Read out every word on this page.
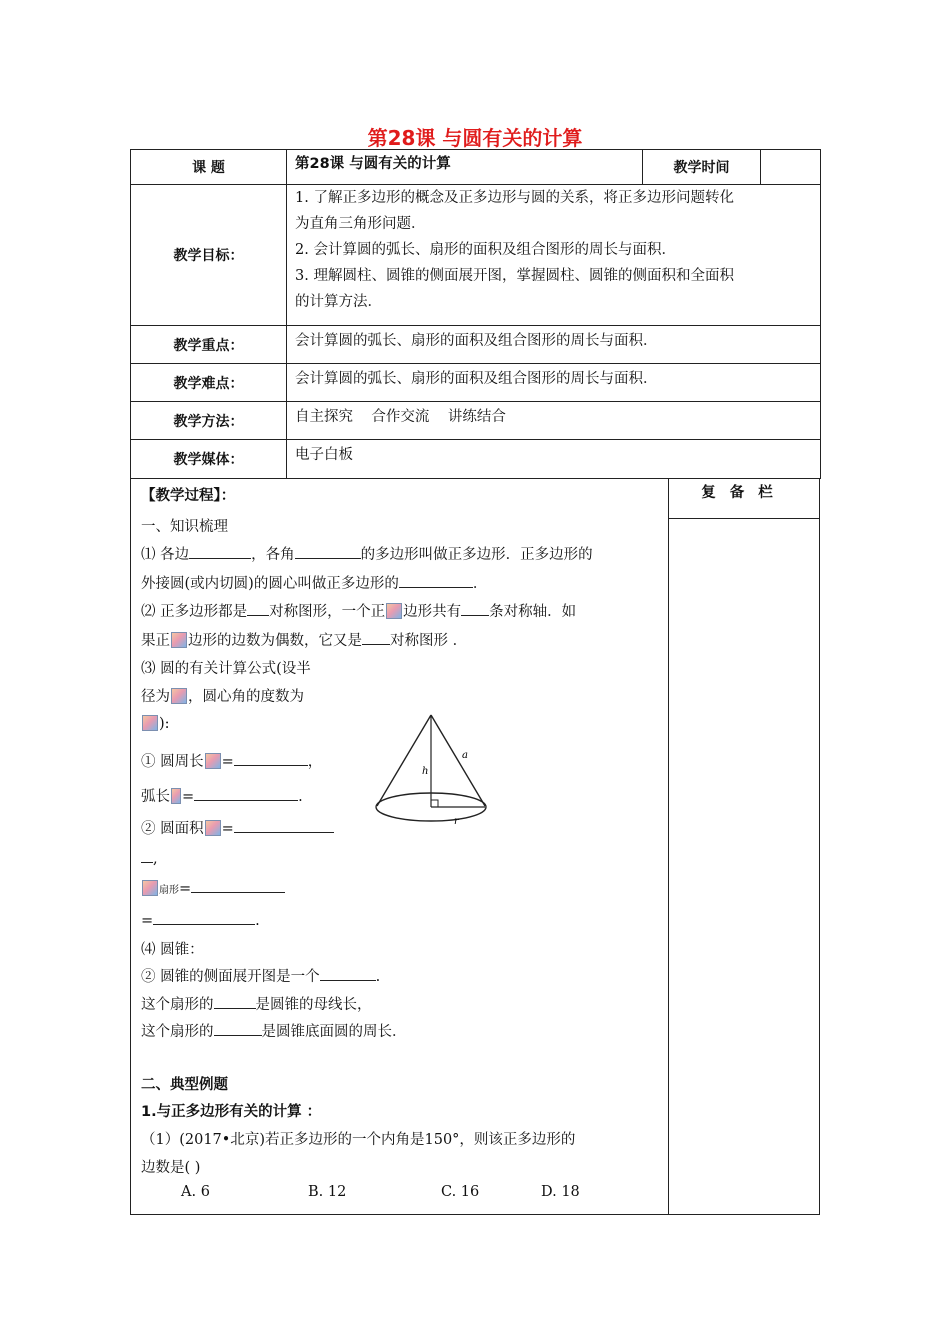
第28课 与圆有关的计算
课 题	第28课 与圆有关的计算	教学时间	
教学目标：	1. 了解正多边形的概念及正多边形与圆的关系，将正多边形问题转化
为直角三角形问题．
2. 会计算圆的弧长、扇形的面积及组合图形的周长与面积．
3. 理解圆柱、圆锥的侧面展开图，掌握圆柱、圆锥的侧面积和全面积
的计算方法．		

教学重点：	会计算圆的弧长、扇形的面积及组合图形的周长与面积．		
教学难点：	会计算圆的弧长、扇形的面积及组合图形的周长与面积．		
教学方法：	自主探究    合作交流    讲练结合		
教学媒体：	电子白板		
复备栏
【教学过程】：
一、知识梳理
⑴ 各边	，各角	的多边形叫做正多边形．正多边形的
外接圆(或内切圆)的圆心叫做正多边形的	．
⑵ 正多边形都是 对称图形，一个正 边形共有 条对称轴．如
果正 边形的边数为偶数，它又是 对称图形 ．
⑶ 圆的有关计算公式(设半
径为 ，圆心角的度数为
):
a
h
r
① 圆周长 =	，
弧长 =	.
② 圆面积 =
,
扇形=
=	.
⑷ 圆锥：
② 圆锥的侧面展开图是一个	.
这个扇形的	是圆锥的母线长，
这个扇形的	是圆锥底面圆的周长．
二、典型例题
1.与正多边形有关的计算 ：
（1）(2017•北京)若正多边形的一个内角是150°，则该正多边形的
边数是( )
A. 6	B. 12	C. 16	D. 18
